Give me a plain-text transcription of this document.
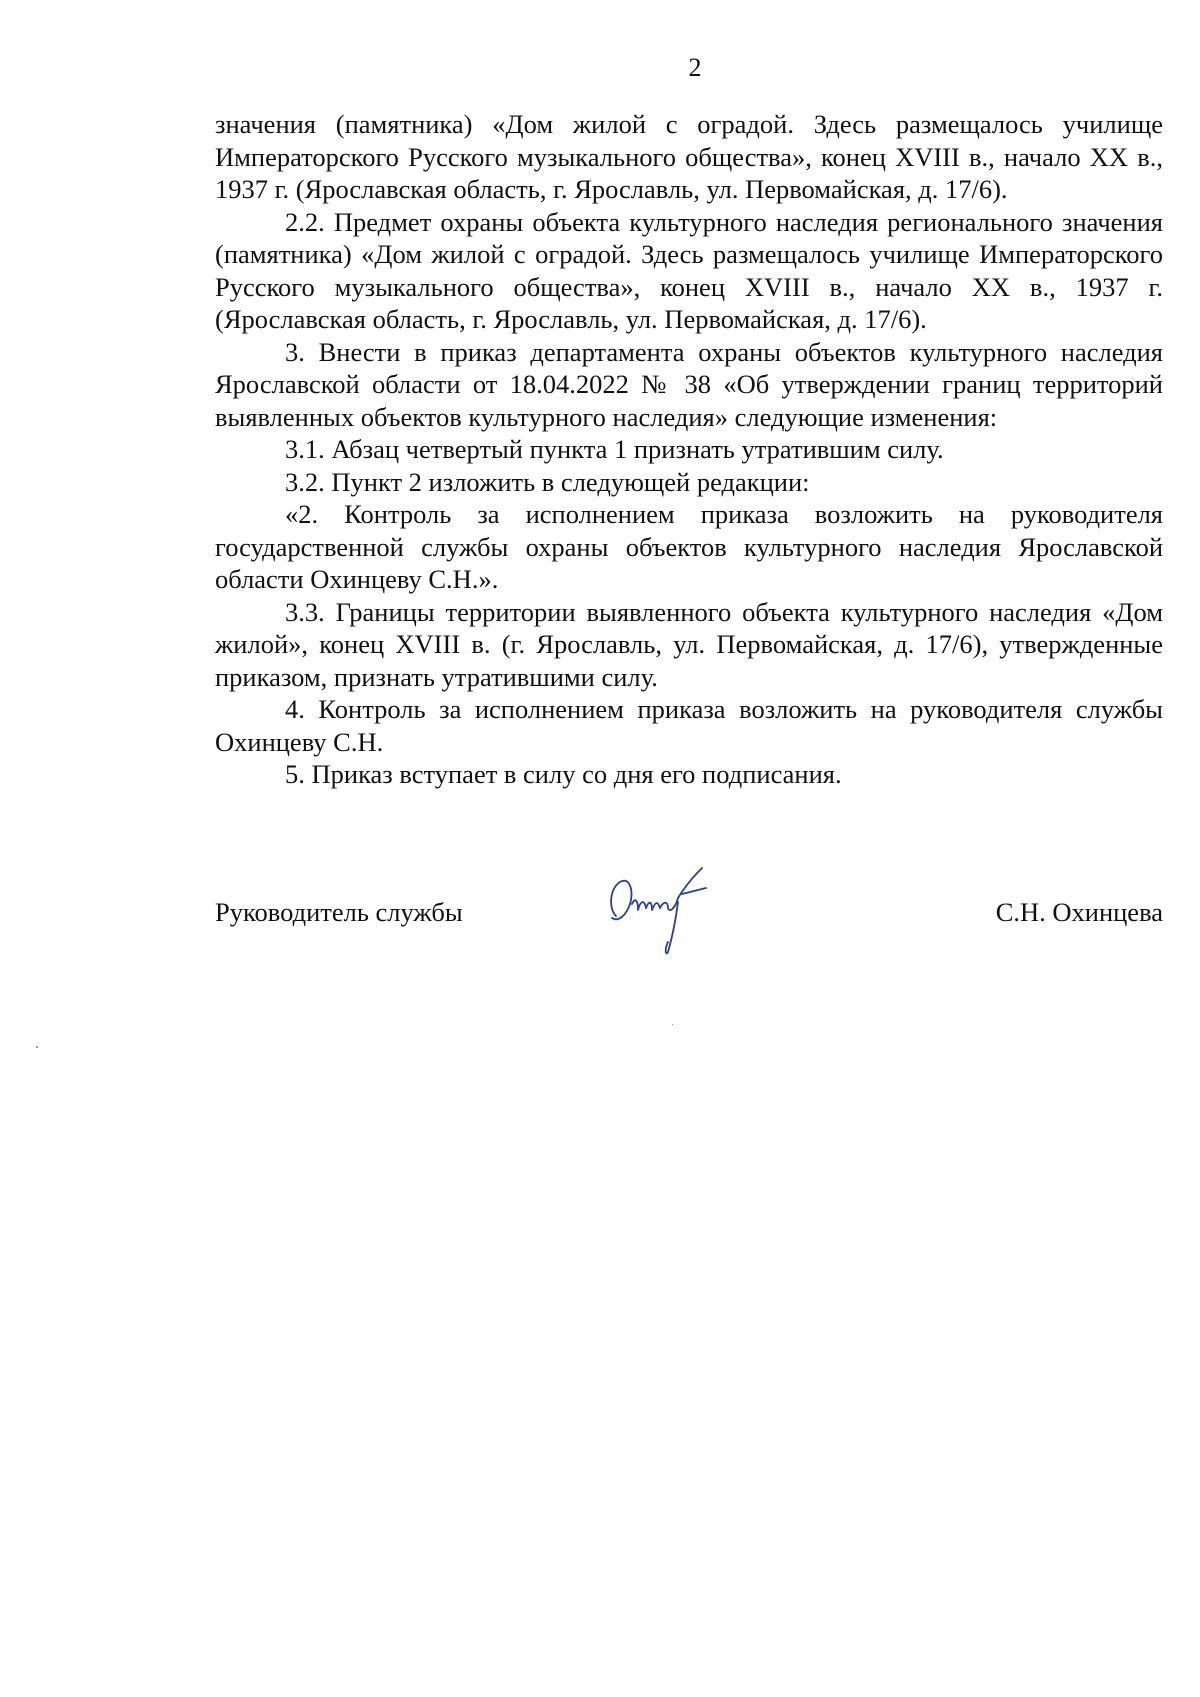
2

значения (памятника) «Дом жилой с оградой. Здесь размещалось училище Императорского Русского музыкального общества», конец XVIII в., начало XX в., 1937 г. (Ярославская область, г. Ярославль, ул. Первомайская, д. 17/6).

2.2. Предмет охраны объекта культурного наследия регионального значения (памятника) «Дом жилой с оградой. Здесь размещалось училище Императорского Русского музыкального общества», конец XVIII в., начало XX в., 1937 г. (Ярославская область, г. Ярославль, ул. Первомайская, д. 17/6).

3. Внести в приказ департамента охраны объектов культурного наследия Ярославской области от 18.04.2022 № 38 «Об утверждении границ территорий выявленных объектов культурного наследия» следующие изменения:

3.1. Абзац четвертый пункта 1 признать утратившим силу.

3.2. Пункт 2 изложить в следующей редакции:

«2. Контроль за исполнением приказа возложить на руководителя государственной службы охраны объектов культурного наследия Ярославской области Охинцеву С.Н.».

3.3. Границы территории выявленного объекта культурного наследия «Дом жилой», конец XVIII в. (г. Ярославль, ул. Первомайская, д. 17/6), утвержденные приказом, признать утратившими силу.

4. Контроль за исполнением приказа возложить на руководителя службы Охинцеву С.Н.

5. Приказ вступает в силу со дня его подписания.

Руководитель службы	С.Н. Охинцева
